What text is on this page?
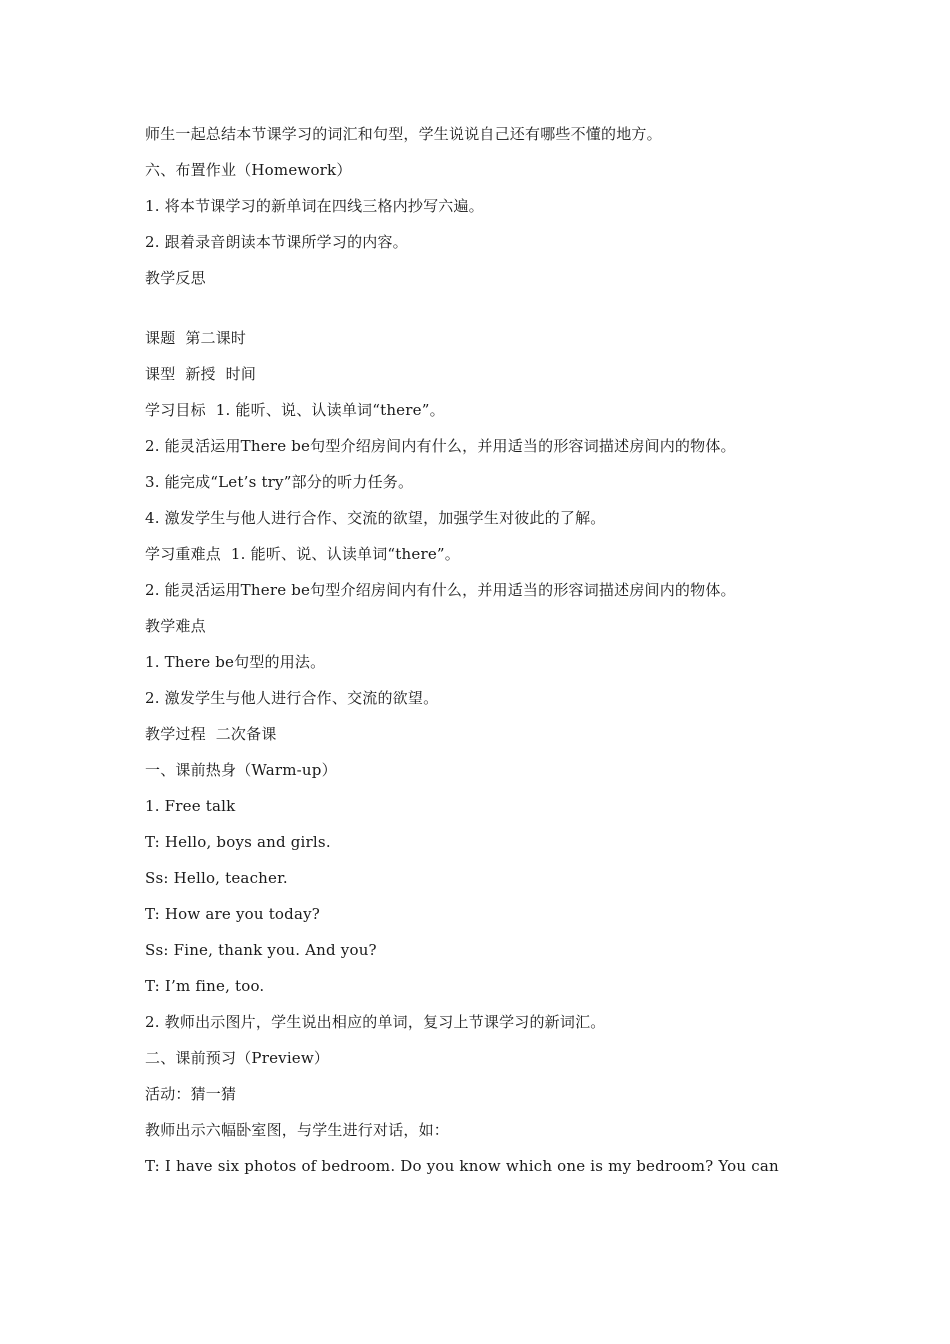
师生一起总结本节课学习的词汇和句型，学生说说自己还有哪些不懂的地方。
六、布置作业（Homework）
1. 将本节课学习的新单词在四线三格内抄写六遍。
2. 跟着录音朗读本节课所学习的内容。
教学反思
课题  第二课时
课型  新授  时间
学习目标  1. 能听、说、认读单词“there”。
2. 能灵活运用There be句型介绍房间内有什么，并用适当的形容词描述房间内的物体。
3. 能完成“Let’s try”部分的听力任务。
4. 激发学生与他人进行合作、交流的欲望，加强学生对彼此的了解。
学习重难点  1. 能听、说、认读单词“there”。
2. 能灵活运用There be句型介绍房间内有什么，并用适当的形容词描述房间内的物体。
教学难点
1. There be句型的用法。
2. 激发学生与他人进行合作、交流的欲望。
教学过程  二次备课
一、课前热身（Warm-up）
1. Free talk
T: Hello, boys and girls.
Ss: Hello, teacher.
T: How are you today?
Ss: Fine, thank you. And you?
T: I’m fine, too.
2. 教师出示图片，学生说出相应的单词，复习上节课学习的新词汇。
二、课前预习（Preview）
活动：猜一猜
教师出示六幅卧室图，与学生进行对话，如：
T: I have six photos of bedroom. Do you know which one is my bedroom? You can
